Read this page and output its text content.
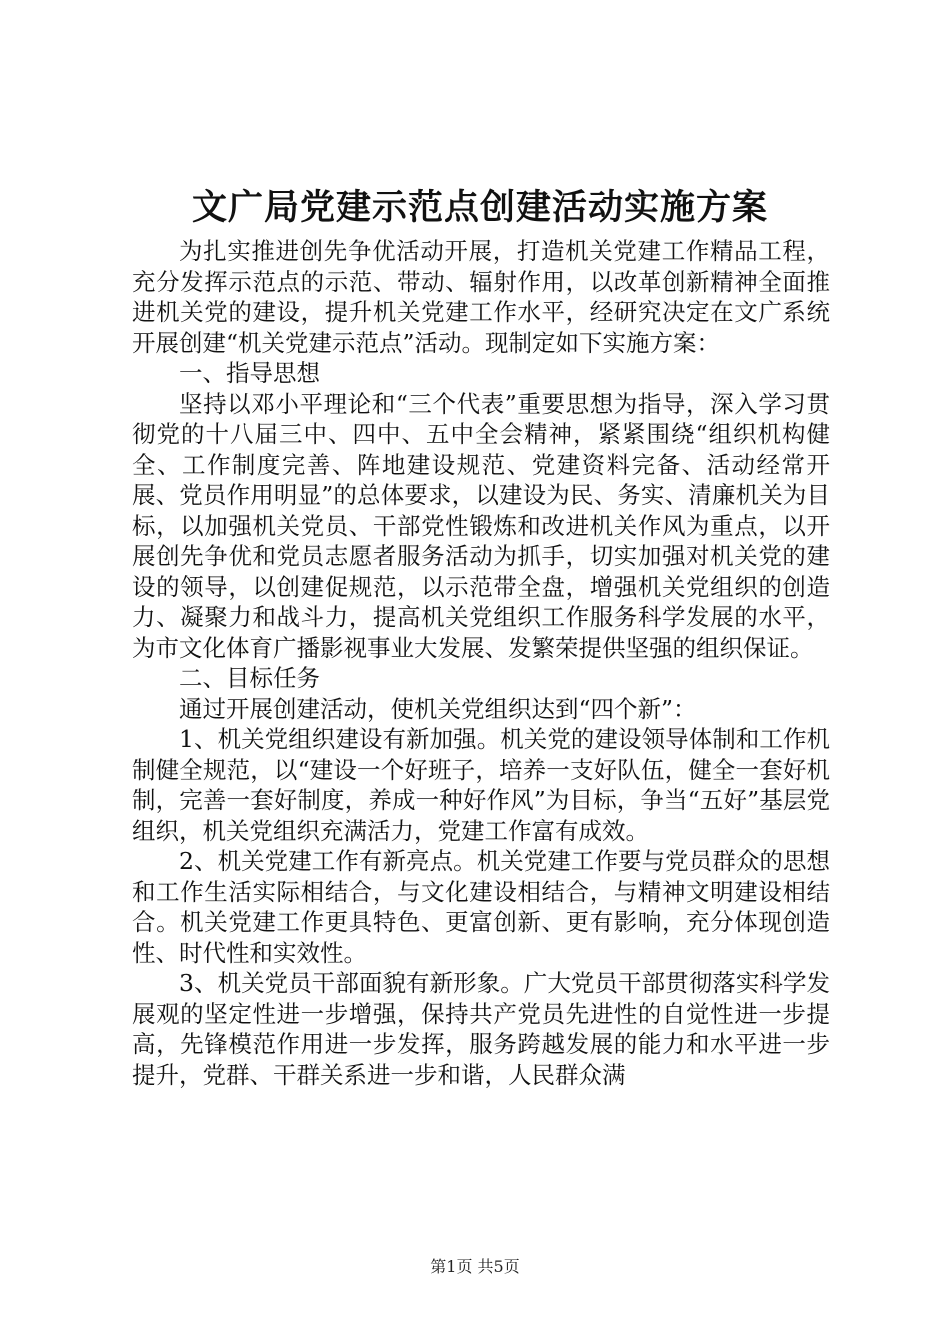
文广局党建示范点创建活动实施方案

为扎实推进创先争优活动开展，打造机关党建工作精品工程，充分发挥示范点的示范、带动、辐射作用，以改革创新精神全面推进机关党的建设，提升机关党建工作水平，经研究决定在文广系统开展创建“机关党建示范点”活动。现制定如下实施方案：

一、指导思想

坚持以邓小平理论和“三个代表”重要思想为指导，深入学习贯彻党的十八届三中、四中、五中全会精神，紧紧围绕“组织机构健全、工作制度完善、阵地建设规范、党建资料完备、活动经常开展、党员作用明显”的总体要求，以建设为民、务实、清廉机关为目标，以加强机关党员、干部党性锻炼和改进机关作风为重点，以开展创先争优和党员志愿者服务活动为抓手，切实加强对机关党的建设的领导，以创建促规范，以示范带全盘，增强机关党组织的创造力、凝聚力和战斗力，提高机关党组织工作服务科学发展的水平，为市文化体育广播影视事业大发展、发繁荣提供坚强的组织保证。

二、目标任务

通过开展创建活动，使机关党组织达到“四个新”：

1、机关党组织建设有新加强。机关党的建设领导体制和工作机制健全规范，以“建设一个好班子，培养一支好队伍，健全一套好机制，完善一套好制度，养成一种好作风”为目标，争当“五好”基层党组织，机关党组织充满活力，党建工作富有成效。

2、机关党建工作有新亮点。机关党建工作要与党员群众的思想和工作生活实际相结合，与文化建设相结合，与精神文明建设相结合。机关党建工作更具特色、更富创新、更有影响，充分体现创造性、时代性和实效性。

3、机关党员干部面貌有新形象。广大党员干部贯彻落实科学发展观的坚定性进一步增强，保持共产党员先进性的自觉性进一步提高，先锋模范作用进一步发挥，服务跨越发展的能力和水平进一步提升，党群、干群关系进一步和谐，人民群众满

第1页 共5页
